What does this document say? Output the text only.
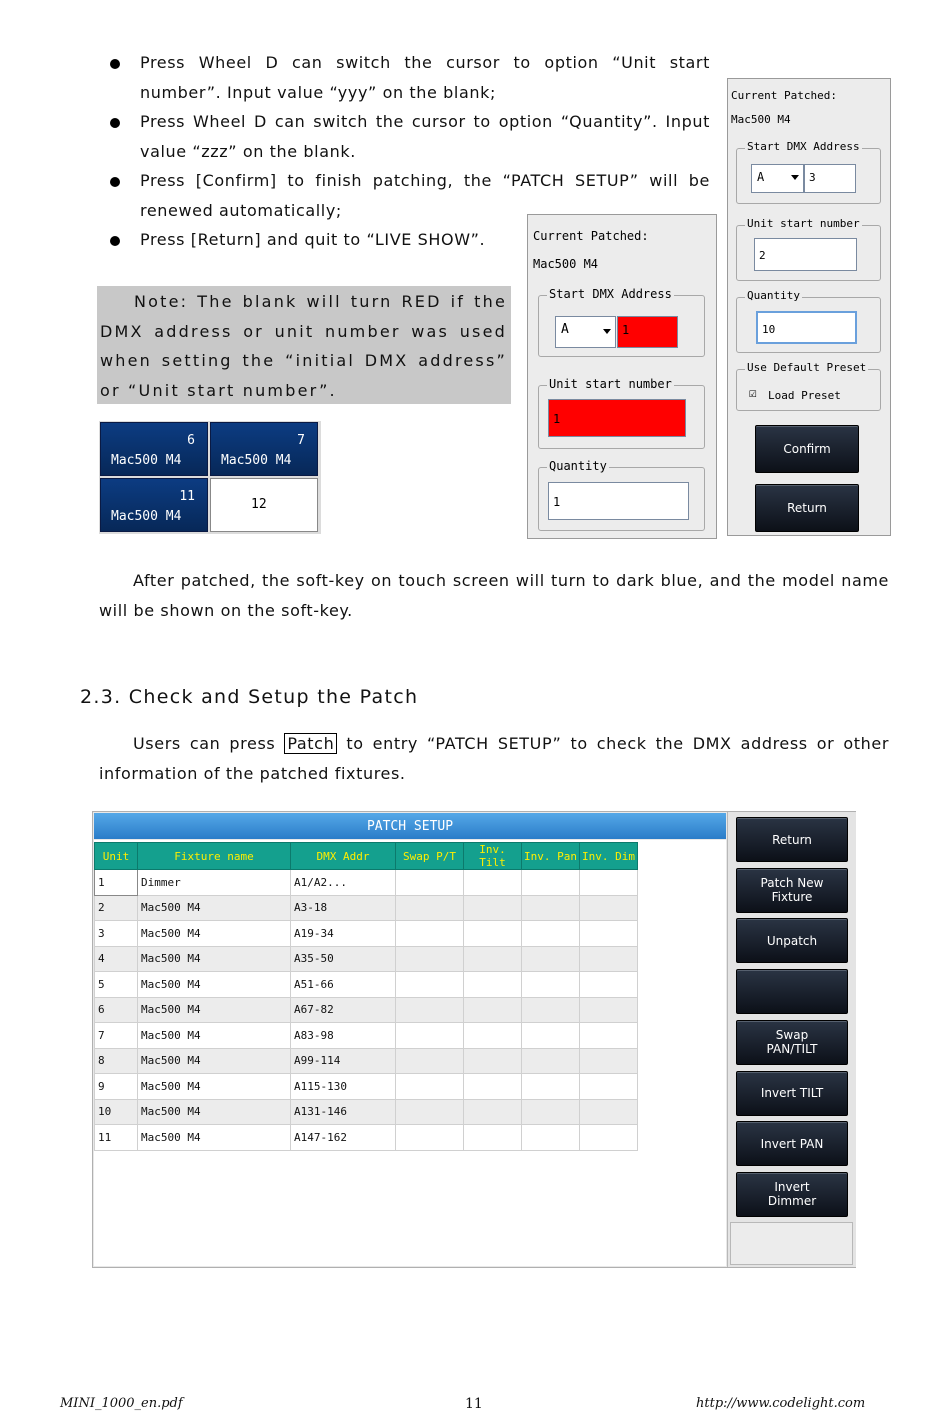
Press Wheel D can switch the cursor to option “Unit start number”. Input value “yyy” on the blank;
Press Wheel D can switch the cursor to option “Quantity”. Input value “zzz” on the blank.
Press [Confirm] to finish patching, the “PATCH SETUP” will be renewed automatically;
Press [Return] and quit to “LIVE SHOW”.
Note: The blank will turn RED if the DMX address or unit number was used when setting the “initial DMX address” or “Unit start number”.
6
Mac500 M4
7
Mac500 M4
11
Mac500 M4
12
Current Patched:
Mac500 M4
Start DMX Address
A	1
Unit start number
1
Quantity
1
Current Patched:
Mac500 M4
Start DMX Address
A	3
Unit start number
2
Quantity
10
Use Default Preset
☑ Load Preset
Confirm
Return
After patched, the soft-key on touch screen will turn to dark blue, and the model name will be shown on the soft-key.
2.3. Check and Setup the Patch
Users can press Patch to entry “PATCH SETUP” to check the DMX address or other information of the patched fixtures.
PATCH SETUP
Unit	Fixture name	DMX Addr	Swap P/T	Inv. Tilt	Inv. Pan	Inv. Dim
1	Dimmer	A1/A2...				
2	Mac500 M4	A3-18				
3	Mac500 M4	A19-34				
4	Mac500 M4	A35-50				
5	Mac500 M4	A51-66				
6	Mac500 M4	A67-82				
7	Mac500 M4	A83-98				
8	Mac500 M4	A99-114				
9	Mac500 M4	A115-130				
10	Mac500 M4	A131-146				
11	Mac500 M4	A147-162				
Return
Patch New
Fixture
Unpatch
Swap
PAN/TILT
Invert TILT
Invert PAN
Invert
Dimmer
MINI_1000_en.pdf	11	http://www.codelight.com
